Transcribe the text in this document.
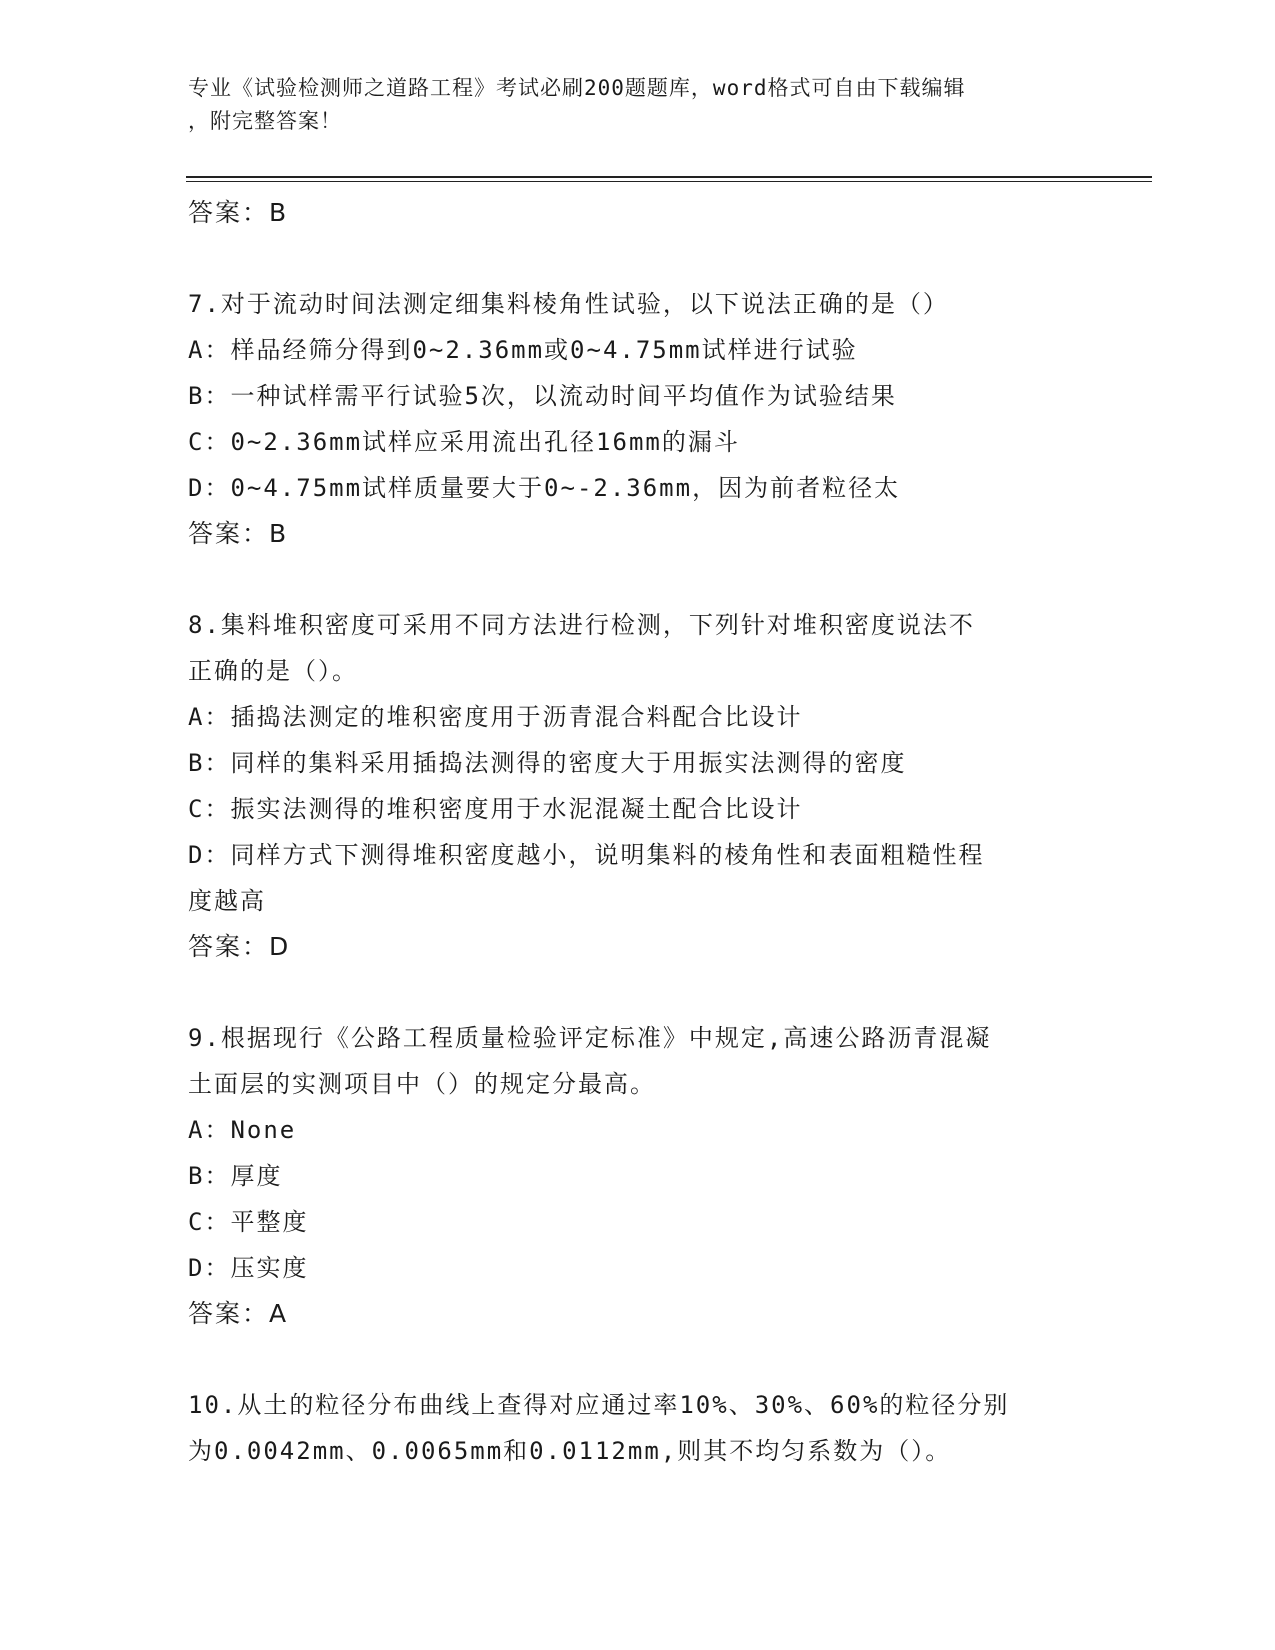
专业《试验检测师之道路工程》考试必刷200题题库，word格式可自由下载编辑
，附完整答案！
答案：B
7.对于流动时间法测定细集料棱角性试验，以下说法正确的是（）
A：样品经筛分得到0~2.36mm或0~4.75mm试样进行试验
B：一种试样需平行试验5次，以流动时间平均值作为试验结果
C：0~2.36mm试样应采用流出孔径16mm的漏斗
D：0~4.75mm试样质量要大于0~-2.36mm，因为前者粒径太
答案：B
8.集料堆积密度可采用不同方法进行检测，下列针对堆积密度说法不
正确的是（）。
A：插捣法测定的堆积密度用于沥青混合料配合比设计
B：同样的集料采用插捣法测得的密度大于用振实法测得的密度
C：振实法测得的堆积密度用于水泥混凝土配合比设计
D：同样方式下测得堆积密度越小，说明集料的棱角性和表面粗糙性程
度越高
答案：D
9.根据现行《公路工程质量检验评定标准》中规定,高速公路沥青混凝
土面层的实测项目中（）的规定分最高。
A：None
B：厚度
C：平整度
D：压实度
答案：A
10.从土的粒径分布曲线上查得对应通过率10%、30%、60%的粒径分别
为0.0042mm、0.0065mm和0.0112mm,则其不均匀系数为（）。
